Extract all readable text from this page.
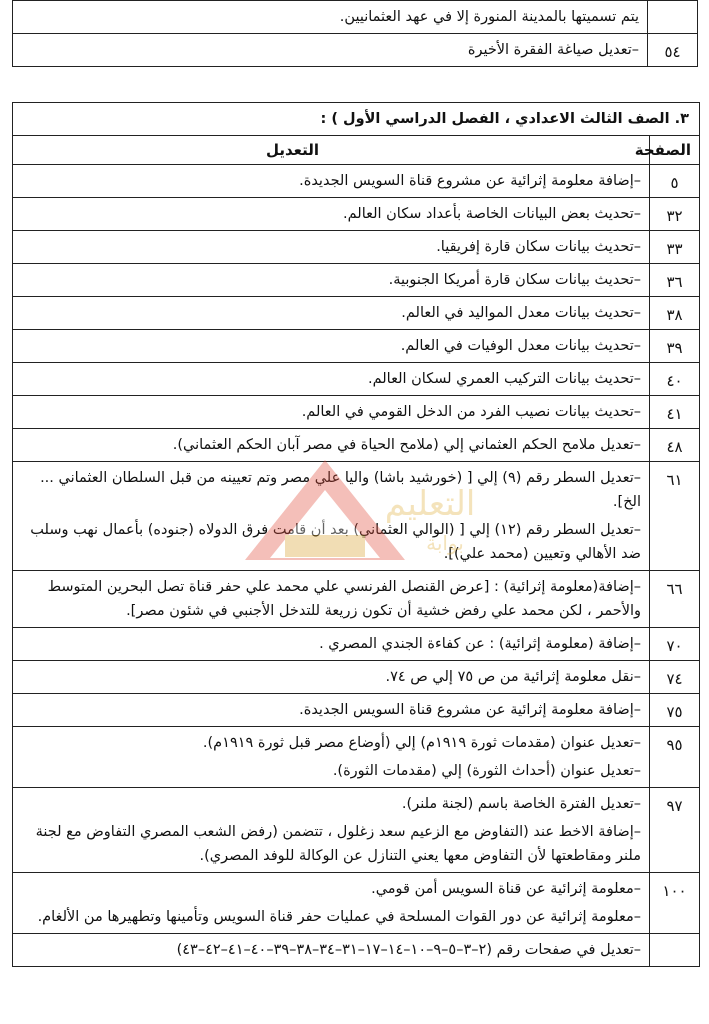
	يتم تسميتها بالمدينة المنورة إلا في عهد العثمانيين.

٥٤	–تعديل صياغة الفقرة الأخيرة

٣. الصف الثالث الاعدادي ، الفصل الدراسي الأول ) :	
الصفحة	التعديل
٥	–إضافة معلومة إثرائية عن مشروع قناة السويس الجديدة.

٣٢	–تحديث بعض البيانات الخاصة بأعداد سكان العالم.

٣٣	–تحديث بيانات سكان قارة إفريقيا.

٣٦	–تحديث بيانات سكان قارة أمريكا الجنوبية.

٣٨	–تحديث بيانات معدل المواليد في العالم.

٣٩	–تحديث بيانات معدل الوفيات في العالم.

٤٠	–تحديث بيانات التركيب العمري لسكان العالم.

٤١	–تحديث بيانات نصيب الفرد من الدخل القومي في العالم.

٤٨	–تعديل ملامح الحكم العثماني إلي (ملامح الحياة في مصر آبان الحكم العثماني).

٦١	–تعديل السطر رقم (٩) إلي [ (خورشيد باشا) واليا علي مصر وتم تعيينه من قبل السلطان العثماني ... الخ].

–تعديل السطر رقم (١٢) إلي [ (الوالي العثماني) بعد أن قامت فرق الدولاه (جنوده) بأعمال نهب وسلب ضد الأهالي وتعيين (محمد علي)].

٦٦	–إضافة(معلومة إثرائية) : [عرض القنصل الفرنسي علي محمد علي حفر قناة تصل البحرين المتوسط والأحمر ، لكن محمد علي رفض خشية أن تكون زريعة للتدخل الأجنبي في شئون مصر].

٧٠	–إضافة (معلومة إثرائية) : عن كفاءة الجندي المصري .

٧٤	–نقل معلومة إثرائية من ص ٧٥ إلي ص ٧٤.

٧٥	–إضافة معلومة إثرائية عن مشروع قناة السويس الجديدة.

٩٥	–تعديل عنوان (مقدمات ثورة ١٩١٩م) إلي (أوضاع مصر قبل ثورة ١٩١٩م).

–تعديل عنوان (أحداث الثورة) إلي (مقدمات الثورة).

٩٧	–تعديل الفترة الخاصة باسم (لجنة ملنر).

–إضافة الاخط عند (التفاوض مع الزعيم سعد زغلول ، تتضمن (رفض الشعب المصري التفاوض مع لجنة ملنر ومقاطعتها لأن التفاوض معها يعني التنازل عن الوكالة للوفد المصري).

١٠٠	–معلومة إثرائية عن قناة السويس أمن قومي.

–معلومة إثرائية عن دور القوات المسلحة في عمليات حفر قناة السويس وتأمينها وتطهيرها من الألغام.

	–تعديل في صفحات رقم (٢–٣–٥–٩–١٠–١٤–١٧–٣١–٣٤–٣٨–٣٩–٤٠–٤١–٤٢–٤٣)

التعليم
بوابة
